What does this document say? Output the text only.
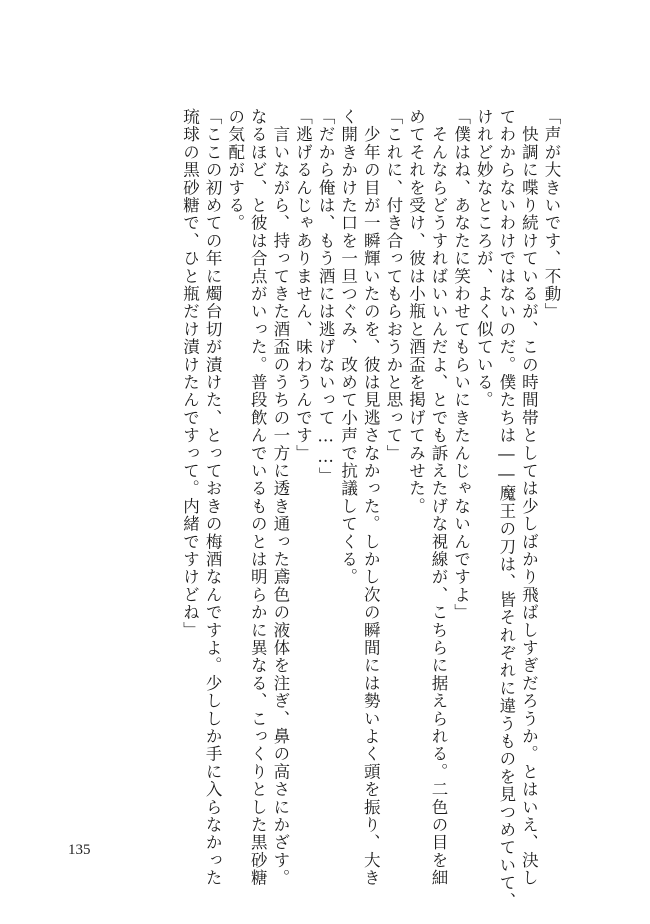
「声が大きいです、不動」
　快調に喋り続けているが、この時間帯としては少しばかり飛ばしすぎだろうか。とはいえ、決し
てわからないわけではないのだ。僕たちは――魔王の刀は、皆それぞれに違うものを見つめていて、
けれど妙なところが、よく似ている。
「僕はね、あなたに笑わせてもらいにきたんじゃないんですよ」
　そんならどうすればいいんだよ、とでも訴えたげな視線が、こちらに据えられる。二色の目を細
めてそれを受け、彼は小瓶と酒盃を掲げてみせた。
「これに、付き合ってもらおうかと思って」
　少年の目が一瞬輝いたのを、彼は見逃さなかった。しかし次の瞬間には勢いよく頭を振り、大き
く開きかけた口を一旦つぐみ、改めて小声で抗議してくる。
「だから俺は、もう酒には逃げないって……」
「逃げるんじゃありません、味わうんです」
　言いながら、持ってきた酒盃のうちの一方に透き通った鳶色の液体を注ぎ、鼻の高さにかざす。
なるほど、と彼は合点がいった。普段飲んでいるものとは明らかに異なる、こっくりとした黒砂糖
の気配がする。
「ここの初めての年に燭台切が漬けた、とっておきの梅酒なんですよ。少ししか手に入らなかった
琉球の黒砂糖で、ひと瓶だけ漬けたんですって。内緒ですけどね」
135
